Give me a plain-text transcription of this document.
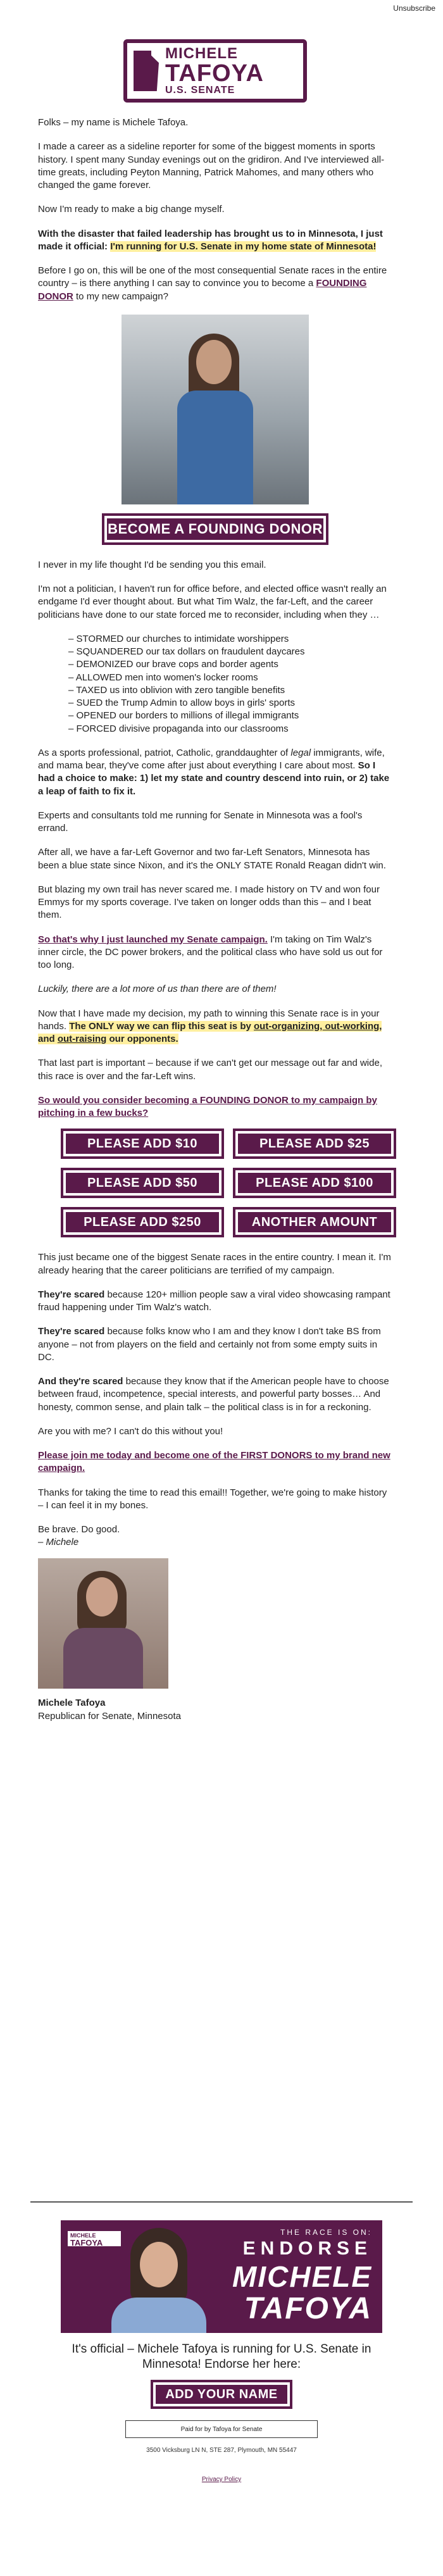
Unsubscribe
MICHELE
TAFOYA
U.S. SENATE

Folks – my name is Michele Tafoya.

I made a career as a sideline reporter for some of the biggest moments in sports history. I spent many Sunday evenings out on the gridiron. And I've interviewed all-time greats, including Peyton Manning, Patrick Mahomes, and many others who changed the game forever.

Now I'm ready to make a big change myself.

With the disaster that failed leadership has brought us to in Minnesota, I just made it official: I'm running for U.S. Senate in my home state of Minnesota!

Before I go on, this will be one of the most consequential Senate races in the entire country – is there anything I can say to convince you to become a FOUNDING DONOR to my new campaign?

BECOME A FOUNDING DONOR

I never in my life thought I'd be sending you this email.

I'm not a politician, I haven't run for office before, and elected office wasn't really an endgame I'd ever thought about. But what Tim Walz, the far-Left, and the career politicians have done to our state forced me to reconsider, including when they …

– STORMED our churches to intimidate worshippers
– SQUANDERED our tax dollars on fraudulent daycares
– DEMONIZED our brave cops and border agents
– ALLOWED men into women's locker rooms
– TAXED us into oblivion with zero tangible benefits
– SUED the Trump Admin to allow boys in girls' sports
– OPENED our borders to millions of illegal immigrants
– FORCED divisive propaganda into our classrooms

As a sports professional, patriot, Catholic, granddaughter of legal immigrants, wife, and mama bear, they've come after just about everything I care about most. So I had a choice to make: 1) let my state and country descend into ruin, or 2) take a leap of faith to fix it.

Experts and consultants told me running for Senate in Minnesota was a fool's errand.

After all, we have a far-Left Governor and two far-Left Senators, Minnesota has been a blue state since Nixon, and it's the ONLY STATE Ronald Reagan didn't win.

But blazing my own trail has never scared me. I made history on TV and won four Emmys for my sports coverage. I've taken on longer odds than this – and I beat them.

So that's why I just launched my Senate campaign. I'm taking on Tim Walz's inner circle, the DC power brokers, and the political class who have sold us out for too long.

Luckily, there are a lot more of us than there are of them!

Now that I have made my decision, my path to winning this Senate race is in your hands. The ONLY way we can flip this seat is by out-organizing, out-working, and out-raising our opponents.

That last part is important – because if we can't get our message out far and wide, this race is over and the far-Left wins.

So would you consider becoming a FOUNDING DONOR to my campaign by pitching in a few bucks?

PLEASE ADD $10	PLEASE ADD $25
PLEASE ADD $50	PLEASE ADD $100
PLEASE ADD $250	ANOTHER AMOUNT

This just became one of the biggest Senate races in the entire country. I mean it. I'm already hearing that the career politicians are terrified of my campaign.

They're scared because 120+ million people saw a viral video showcasing rampant fraud happening under Tim Walz's watch.

They're scared because folks know who I am and they know I don't take BS from anyone – not from players on the field and certainly not from some empty suits in DC.

And they're scared because they know that if the American people have to choose between fraud, incompetence, special interests, and powerful party bosses… And honesty, common sense, and plain talk – the political class is in for a reckoning.

Are you with me? I can't do this without you!

Please join me today and become one of the FIRST DONORS to my brand new campaign.

Thanks for taking the time to read this email!! Together, we're going to make history – I can feel it in my bones.

Be brave. Do good.
– Michele

Michele Tafoya
Republican for Senate, Minnesota
MICHELE
TAFOYA
THE RACE IS ON:
ENDORSE
MICHELE
TAFOYA
It's official – Michele Tafoya is running for U.S. Senate in Minnesota! Endorse her here:
ADD YOUR NAME
Paid for by Tafoya for Senate
3500 Vicksburg LN N, STE 287, Plymouth, MN 55447
Privacy Policy
